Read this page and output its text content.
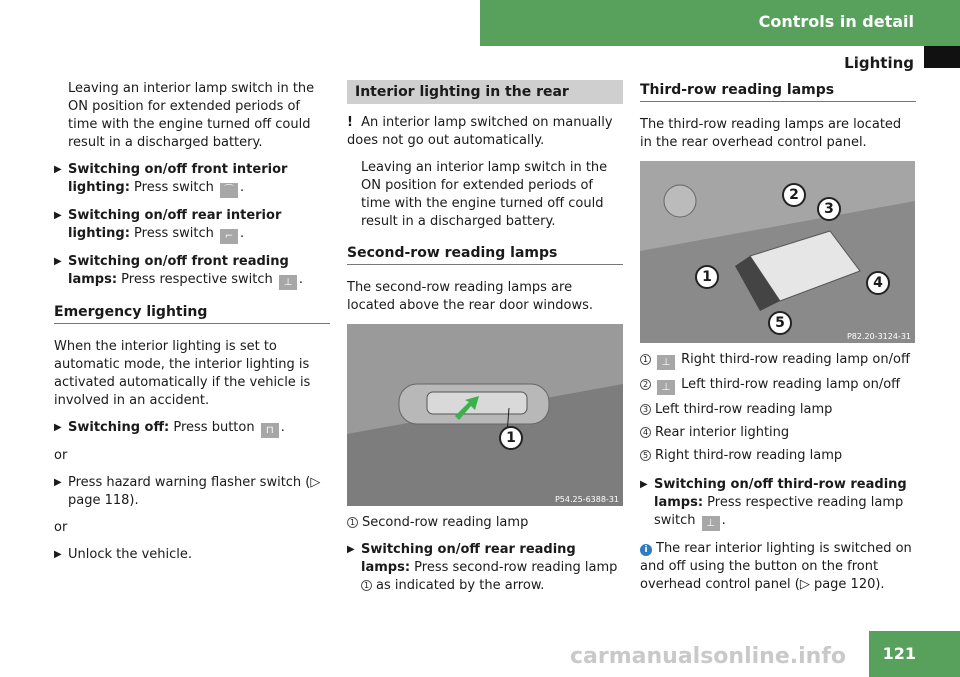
Controls in detail
Lighting

Leaving an interior lamp switch in the ON position for extended periods of time with the engine turned off could result in a discharged battery.

▶ Switching on/off front interior lighting: Press switch ⌒ .
▶ Switching on/off rear interior lighting: Press switch ⌐ .
▶ Switching on/off front reading lamps: Press respective switch ⊥ .
Emergency lighting

When the interior lighting is set to automatic mode, the interior lighting is activated automatically if the vehicle is involved in an accident.

▶ Switching off: Press button ⊓ .

or

▶ Press hazard warning flasher switch (▷ page 118).

or

▶ Unlock the vehicle.
Interior lighting in the rear

! An interior lamp switched on manually does not go out automatically.

Leaving an interior lamp switch in the ON position for extended periods of time with the engine turned off could result in a discharged battery.

Second-row reading lamps

The second-row reading lamps are located above the rear door windows.

1
P54.25-6388-31

1 Second-row reading lamp

▶ Switching on/off rear reading lamps: Press second-row reading lamp 1 as indicated by the arrow.
Third-row reading lamps

The third-row reading lamps are located in the rear overhead control panel.

2
3
1	4
5
P82.20-3124-31
1 ⊥ Right third-row reading lamp on/off
2 ⊥ Left third-row reading lamp on/off
3 Left third-row reading lamp
4 Rear interior lighting
5 Right third-row reading lamp
▶ Switching on/off third-row reading lamps: Press respective reading lamp switch ⊥ .

i The rear interior lighting is switched on and off using the button on the front overhead control panel (▷ page 120).

121
carmanualsonline.info
